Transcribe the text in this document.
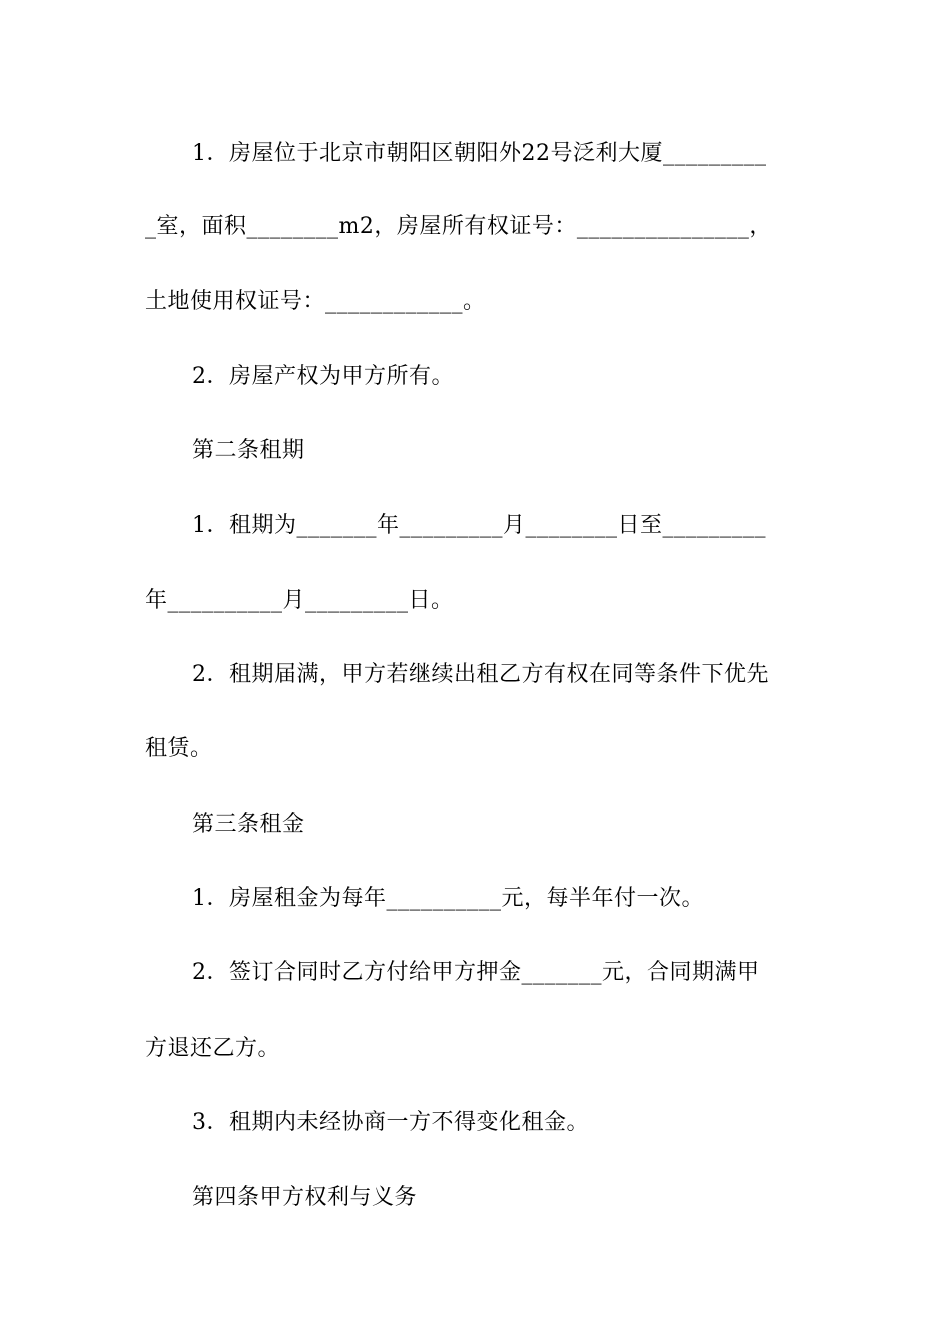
1．房屋位于北京市朝阳区朝阳外22号泛利大厦_________
_室，面积________m2，房屋所有权证号：_______________，
土地使用权证号：____________。
2．房屋产权为甲方所有。
第二条租期
1．租期为_______年_________月________日至_________
年__________月_________日。
2．租期届满，甲方若继续出租乙方有权在同等条件下优先
租赁。
第三条租金
1．房屋租金为每年__________元，每半年付一次。
2．签订合同时乙方付给甲方押金_______元，合同期满甲
方退还乙方。
3．租期内未经协商一方不得变化租金。
第四条甲方权利与义务
